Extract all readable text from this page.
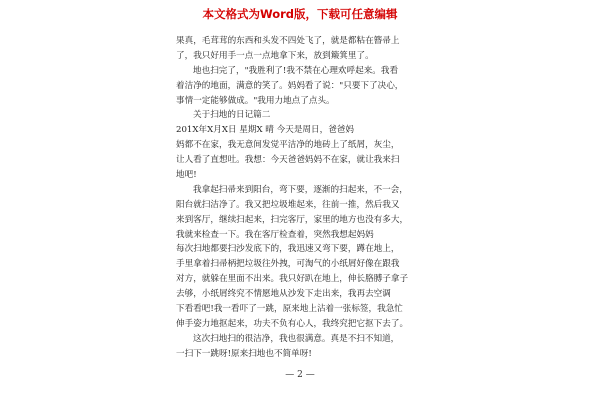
本文格式为Word版，下载可任意编辑
果真，毛茸茸的东西和头发不四处飞了，就是都粘在簪帚上
了，我只好用手一点一点地拿下来，放到簸箕里了。
地也扫完了，"我胜利了!我不禁在心理欢呼起来。我看
着洁净的地面，满意的笑了。妈妈看了说："只要下了决心，
事情一定能够做成。"我用力地点了点头。
关于扫地的日记篇二
201X年X月X日 星期X 晴 今天是周日，爸爸妈
妈都不在家，我无意间发觉平洁净的地砖上了纸屑，灰尘，
让人看了直想吐。我想：今天爸爸妈妈不在家，就让我来扫
地吧!
我拿起扫帚来到阳台，弯下要，逐渐的扫起来，不一会，
阳台就扫洁净了。我又把垃圾堆起来，往前一推，然后我又
来到客厅，继续扫起来，扫完客厅，家里的地方也没有多大，
我就来检查一下。我在客厅检查着，突然我想起妈妈
每次扫地都要扫沙发底下的，我迅速又弯下要，蹲在地上，
手里拿着扫帚柄把垃圾往外拽，可淘气的小纸屑好像在跟我
对方，就躲在里面不出来。我只好趴在地上，伸长胳膊子拿子
去够，小纸屑终究不情愿地从沙发下走出来，我再去空调
下看看吧!我一看吓了一跳，原来地上沾着一张标签，我急忙
伸手姿力地抠起来，功夫不负有心人，我终究把它抠下去了。
这次扫地扫的很洁净，我也很满意。真是不扫不知道，
一扫下一跳呀!原来扫地也不简单呀!
— 2 —
